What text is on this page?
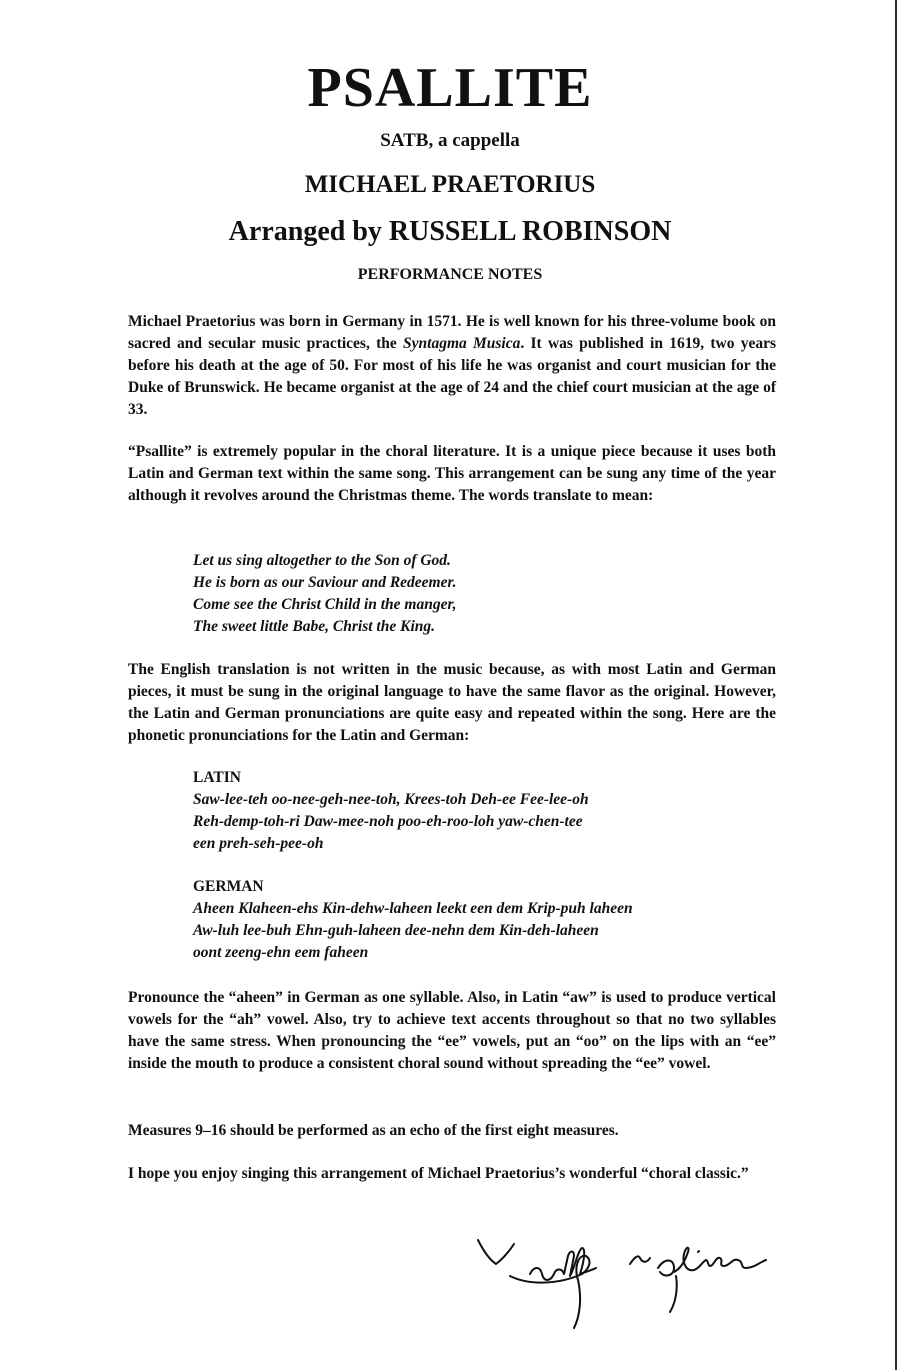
PSALLITE
SATB, a cappella
MICHAEL PRAETORIUS
Arranged by RUSSELL ROBINSON
PERFORMANCE NOTES

Michael Praetorius was born in Germany in 1571. He is well known for his three-volume book on sacred and secular music practices, the Syntagma Musica. It was published in 1619, two years before his death at the age of 50. For most of his life he was organist and court musician for the Duke of Brunswick. He became organist at the age of 24 and the chief court musician at the age of 33.

“Psallite” is extremely popular in the choral literature. It is a unique piece because it uses both Latin and German text within the same song. This arrangement can be sung any time of the year although it revolves around the Christmas theme. The words translate to mean:

Let us sing altogether to the Son of God.
He is born as our Saviour and Redeemer.
Come see the Christ Child in the manger,
The sweet little Babe, Christ the King.

The English translation is not written in the music because, as with most Latin and German pieces, it must be sung in the original language to have the same flavor as the original. However, the Latin and German pronunciations are quite easy and repeated within the song. Here are the phonetic pronunciations for the Latin and German:

LATIN
Saw-lee-teh oo-nee-geh-nee-toh, Krees-toh Deh-ee Fee-lee-oh
Reh-demp-toh-ri Daw-mee-noh poo-eh-roo-loh yaw-chen-tee
een preh-seh-pee-oh
GERMAN
Aheen Klaheen-ehs Kin-dehw-laheen leekt een dem Krip-puh laheen
Aw-luh lee-buh Ehn-guh-laheen dee-nehn dem Kin-deh-laheen
oont zeeng-ehn eem faheen

Pronounce the “aheen” in German as one syllable. Also, in Latin “aw” is used to produce vertical vowels for the “ah” vowel. Also, try to achieve text accents throughout so that no two syllables have the same stress. When pronouncing the “ee” vowels, put an “oo” on the lips with an “ee” inside the mouth to produce a consistent choral sound without spreading the “ee” vowel.

Measures 9–16 should be performed as an echo of the first eight measures.

I hope you enjoy singing this arrangement of Michael Praetorius’s wonderful “choral classic.”
